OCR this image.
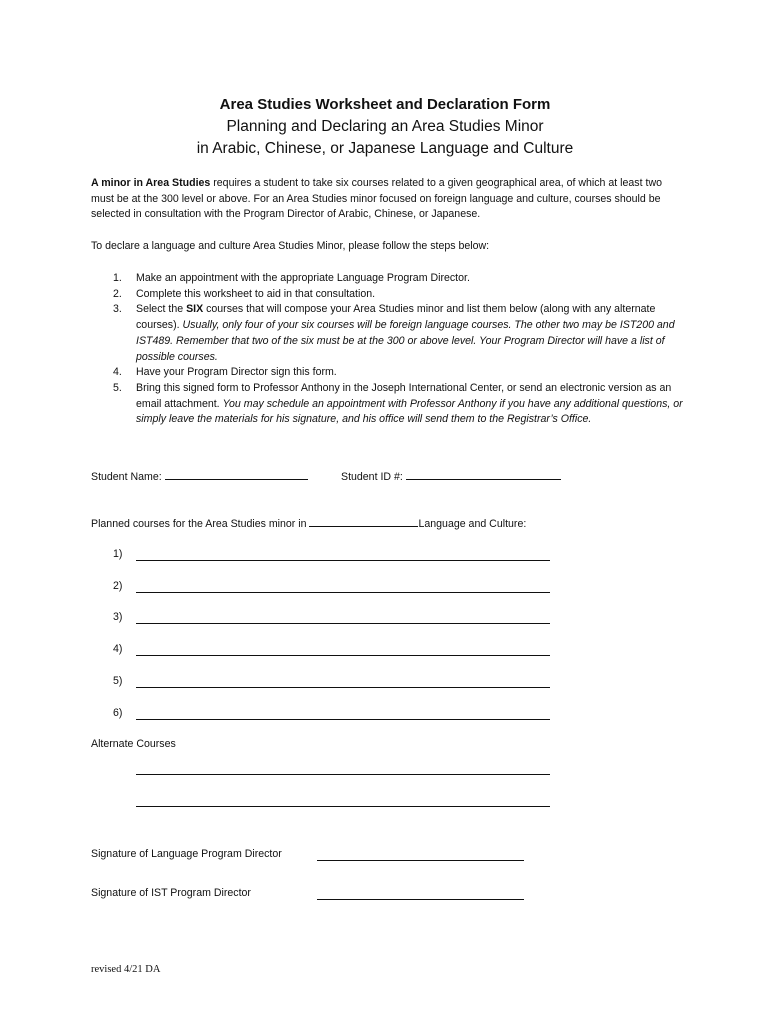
Area Studies Worksheet and Declaration Form
Planning and Declaring an Area Studies Minor
in Arabic, Chinese, or Japanese Language and Culture
A minor in Area Studies requires a student to take six courses related to a given geographical area, of which at least two must be at the 300 level or above. For an Area Studies minor focused on foreign language and culture, courses should be selected in consultation with the Program Director of Arabic, Chinese, or Japanese.
To declare a language and culture Area Studies Minor, please follow the steps below:
1. Make an appointment with the appropriate Language Program Director.
2. Complete this worksheet to aid in that consultation.
3. Select the SIX courses that will compose your Area Studies minor and list them below (along with any alternate courses). Usually, only four of your six courses will be foreign language courses. The other two may be IST200 and IST489. Remember that two of the six must be at the 300 or above level. Your Program Director will have a list of possible courses.
4. Have your Program Director sign this form.
5. Bring this signed form to Professor Anthony in the Joseph International Center, or send an electronic version as an email attachment. You may schedule an appointment with Professor Anthony if you have any additional questions, or simply leave the materials for his signature, and his office will send them to the Registrar’s Office.
Student Name:	Student ID #:
Planned courses for the Area Studies minor in	Language and Culture:
1)
2)
3)
4)
5)
6)
Alternate Courses
Signature of Language Program Director
Signature of IST Program Director
revised 4/21 DA
